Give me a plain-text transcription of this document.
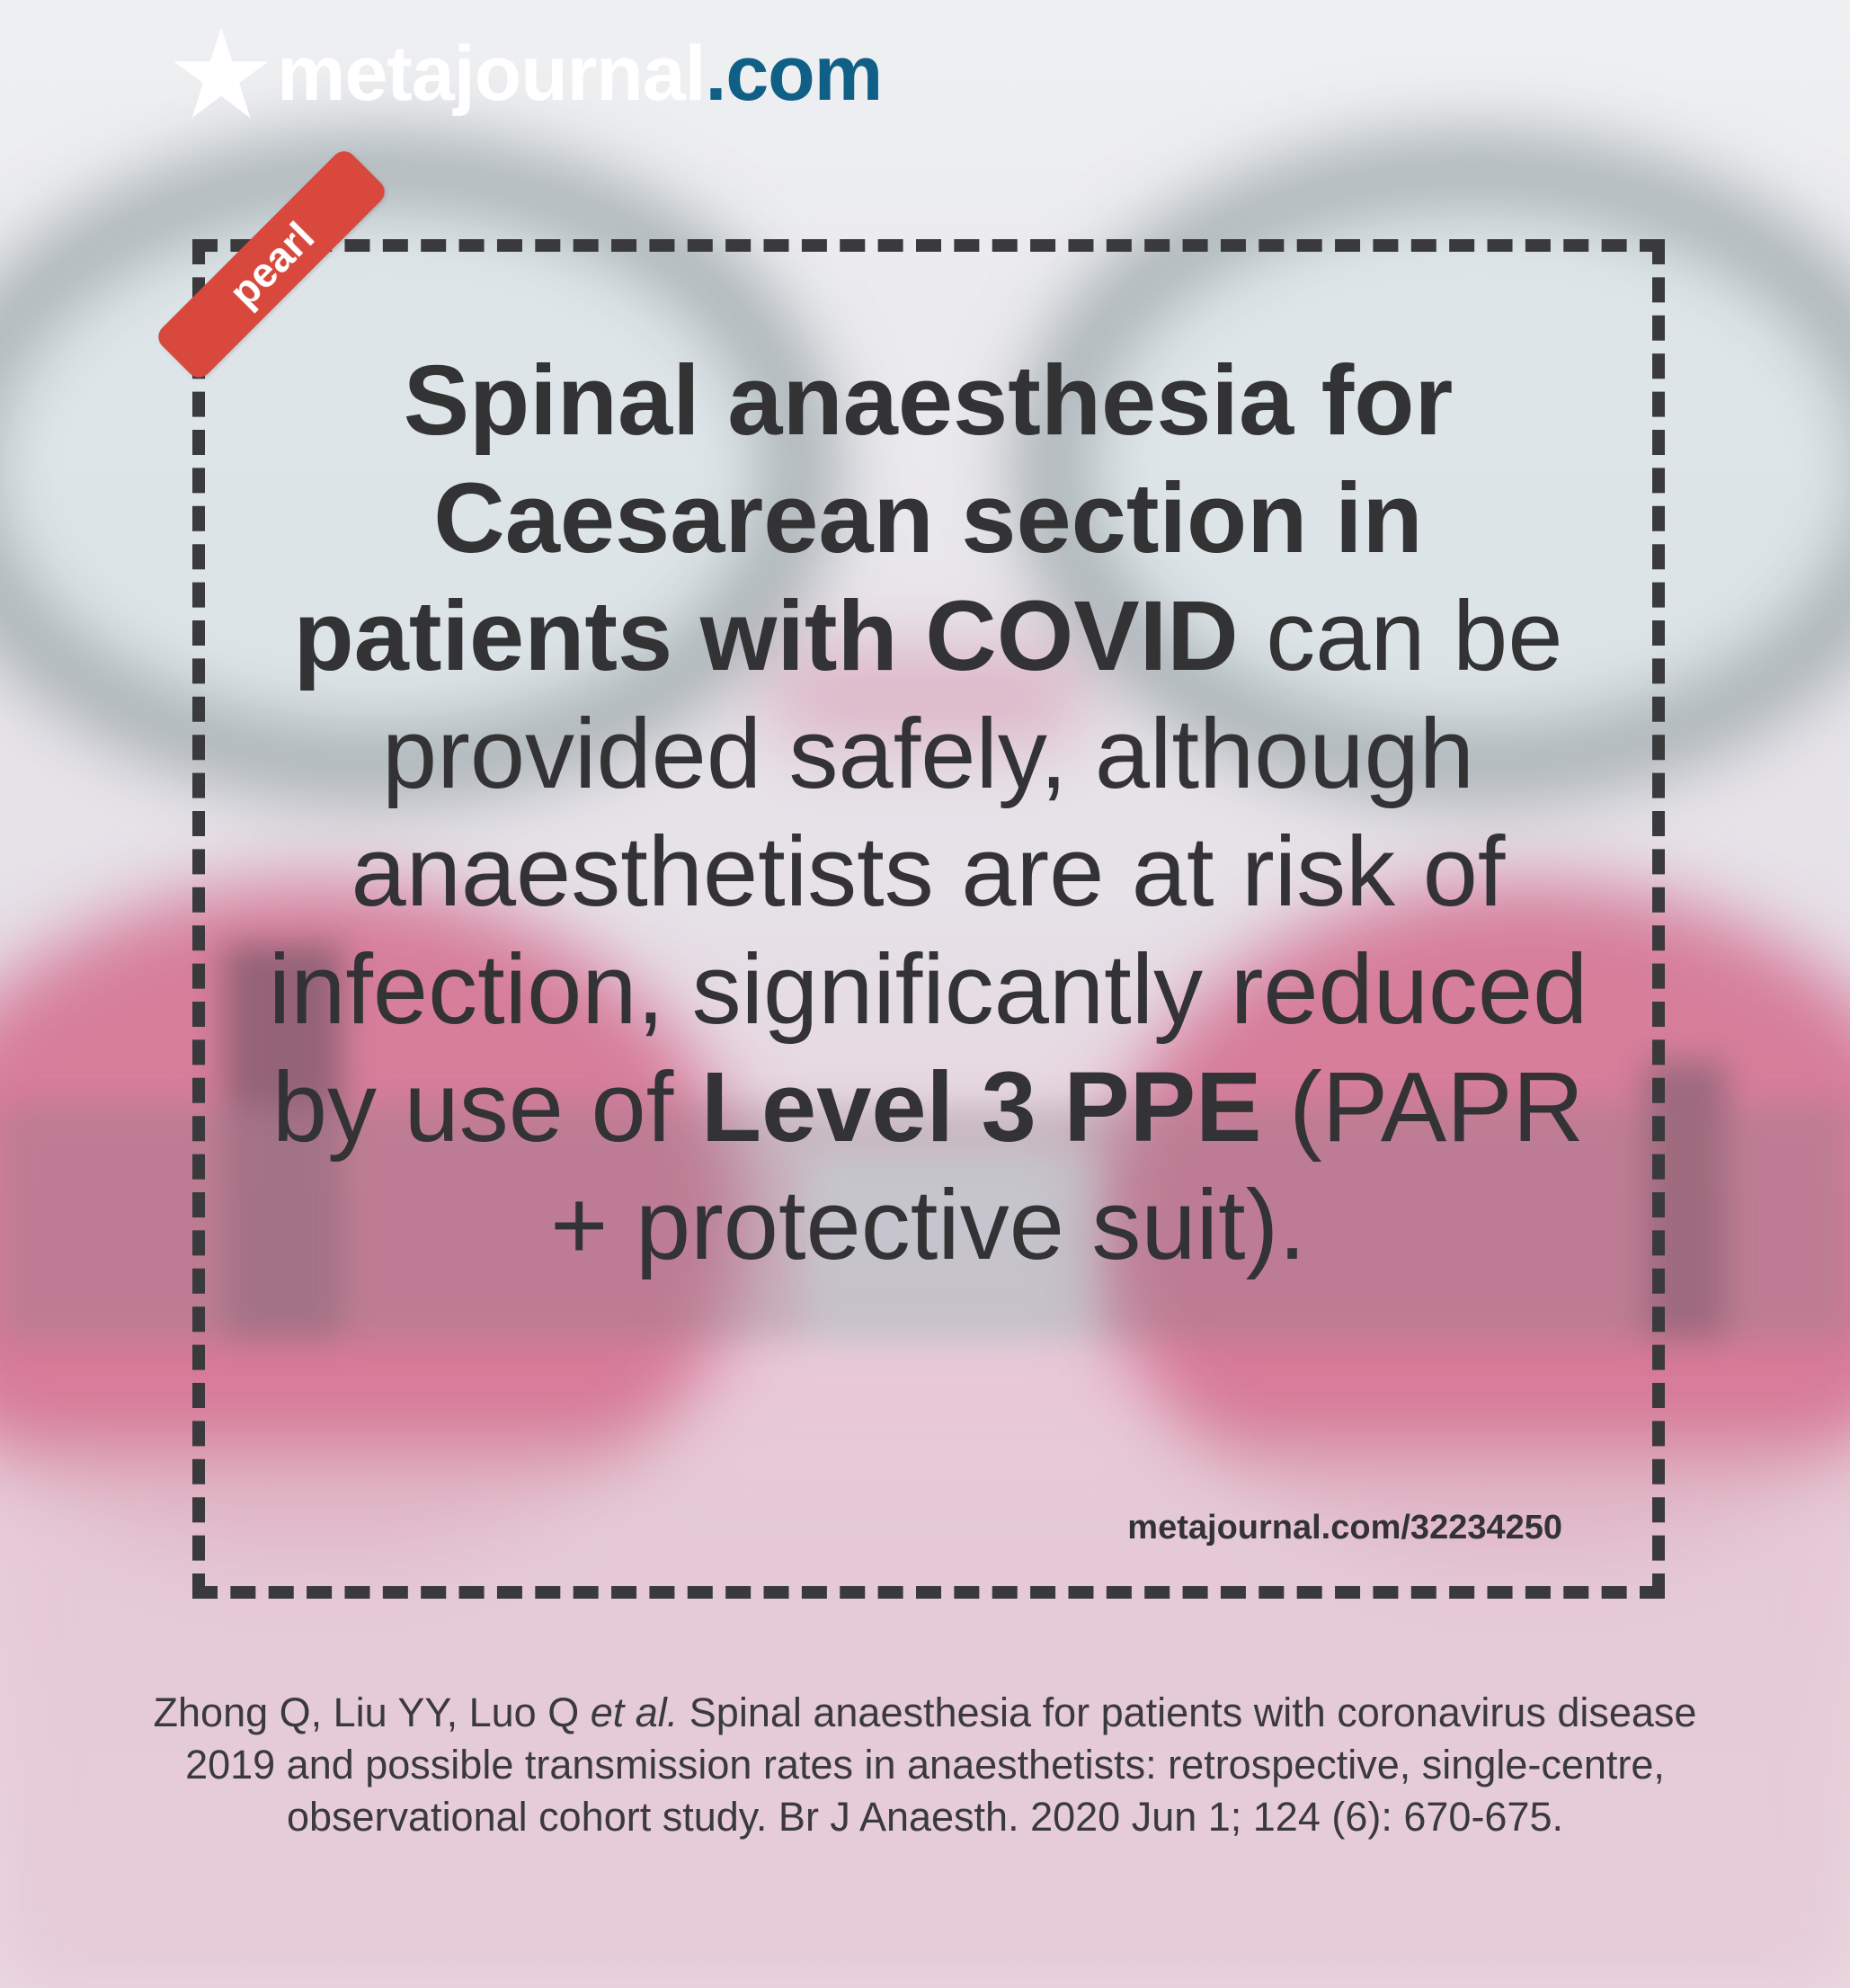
metajournal.com
pearl
Spinal anaesthesia for Caesarean section in patients with COVID can be provided safely, although anaesthetists are at risk of infection, significantly reduced by use of Level 3 PPE (PAPR + protective suit).
metajournal.com/32234250
Zhong Q, Liu YY, Luo Q et al. Spinal anaesthesia for patients with coronavirus disease 2019 and possible transmission rates in anaesthetists: retrospective, single-centre, observational cohort study. Br J Anaesth. 2020 Jun 1; 124 (6): 670-675.
